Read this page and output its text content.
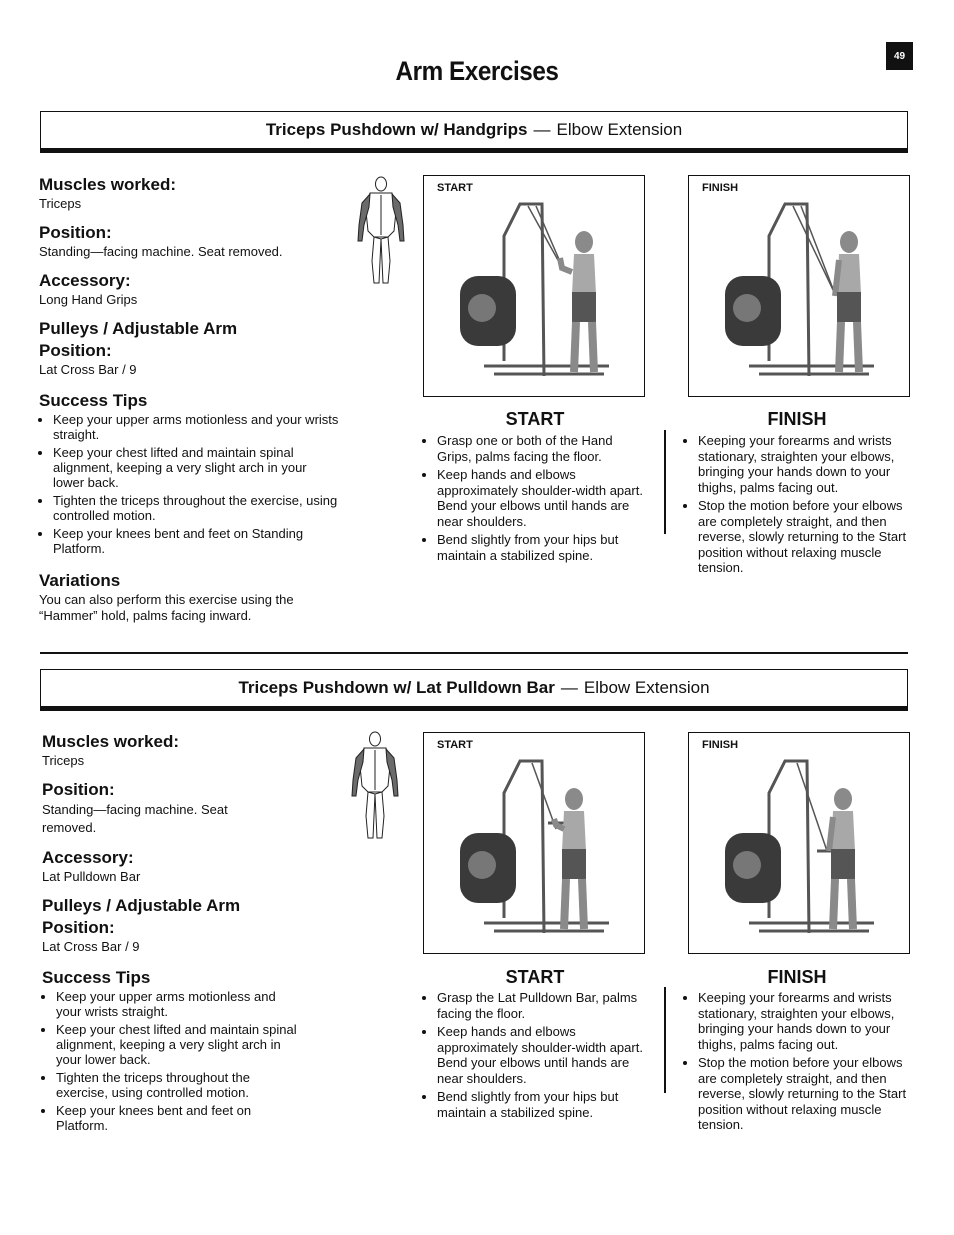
49
Arm Exercises
Triceps Pushdown w/ Handgrips — Elbow Extension

Muscles worked:

Triceps

Position:

Standing—facing machine. Seat removed.

Accessory:

Long Hand Grips

Pulleys / Adjustable Arm

Position:

Lat Cross Bar / 9

Success Tips

• Keep your upper arms motionless and your wrists straight.
• Keep your chest lifted and maintain spinal alignment, keeping a very slight arch in your lower back.
• Tighten the triceps throughout the exercise, using controlled motion.
• Keep your knees bent and feet on Standing Platform.

Variations

You can also perform this exercise using the “Hammer” hold, palms facing inward.

START	FINISH
START
• Grasp one or both of the Hand Grips, palms facing the floor.
• Keep hands and elbows approximately shoulder-width apart. Bend your elbows until hands are near shoulders.
• Bend slightly from your hips but maintain a stabilized spine.
FINISH
• Keeping your forearms and wrists stationary, straighten your elbows, bringing your hands down to your thighs, palms facing out.
• Stop the motion before your elbows are completely straight, and then reverse, slowly returning to the Start position without relaxing muscle tension.
Triceps Pushdown w/ Lat Pulldown Bar — Elbow Extension

Muscles worked:

Triceps

Position:

Standing—facing machine. Seat removed.

Accessory:

Lat Pulldown Bar

Pulleys / Adjustable Arm

Position:

Lat Cross Bar / 9

Success Tips

• Keep your upper arms motionless and your wrists straight.
• Keep your chest lifted and maintain spinal alignment, keeping a very slight arch in your lower back.
• Tighten the triceps throughout the exercise, using controlled motion.
• Keep your knees bent and feet on Platform.
START	FINISH
START
• Grasp the Lat Pulldown Bar, palms facing the floor.
• Keep hands and elbows approximately shoulder-width apart. Bend your elbows until hands are near shoulders.
• Bend slightly from your hips but maintain a stabilized spine.
FINISH
• Keeping your forearms and wrists stationary, straighten your elbows, bringing your hands down to your thighs, palms facing out.
• Stop the motion before your elbows are completely straight, and then reverse, slowly returning to the Start position without relaxing muscle tension.
